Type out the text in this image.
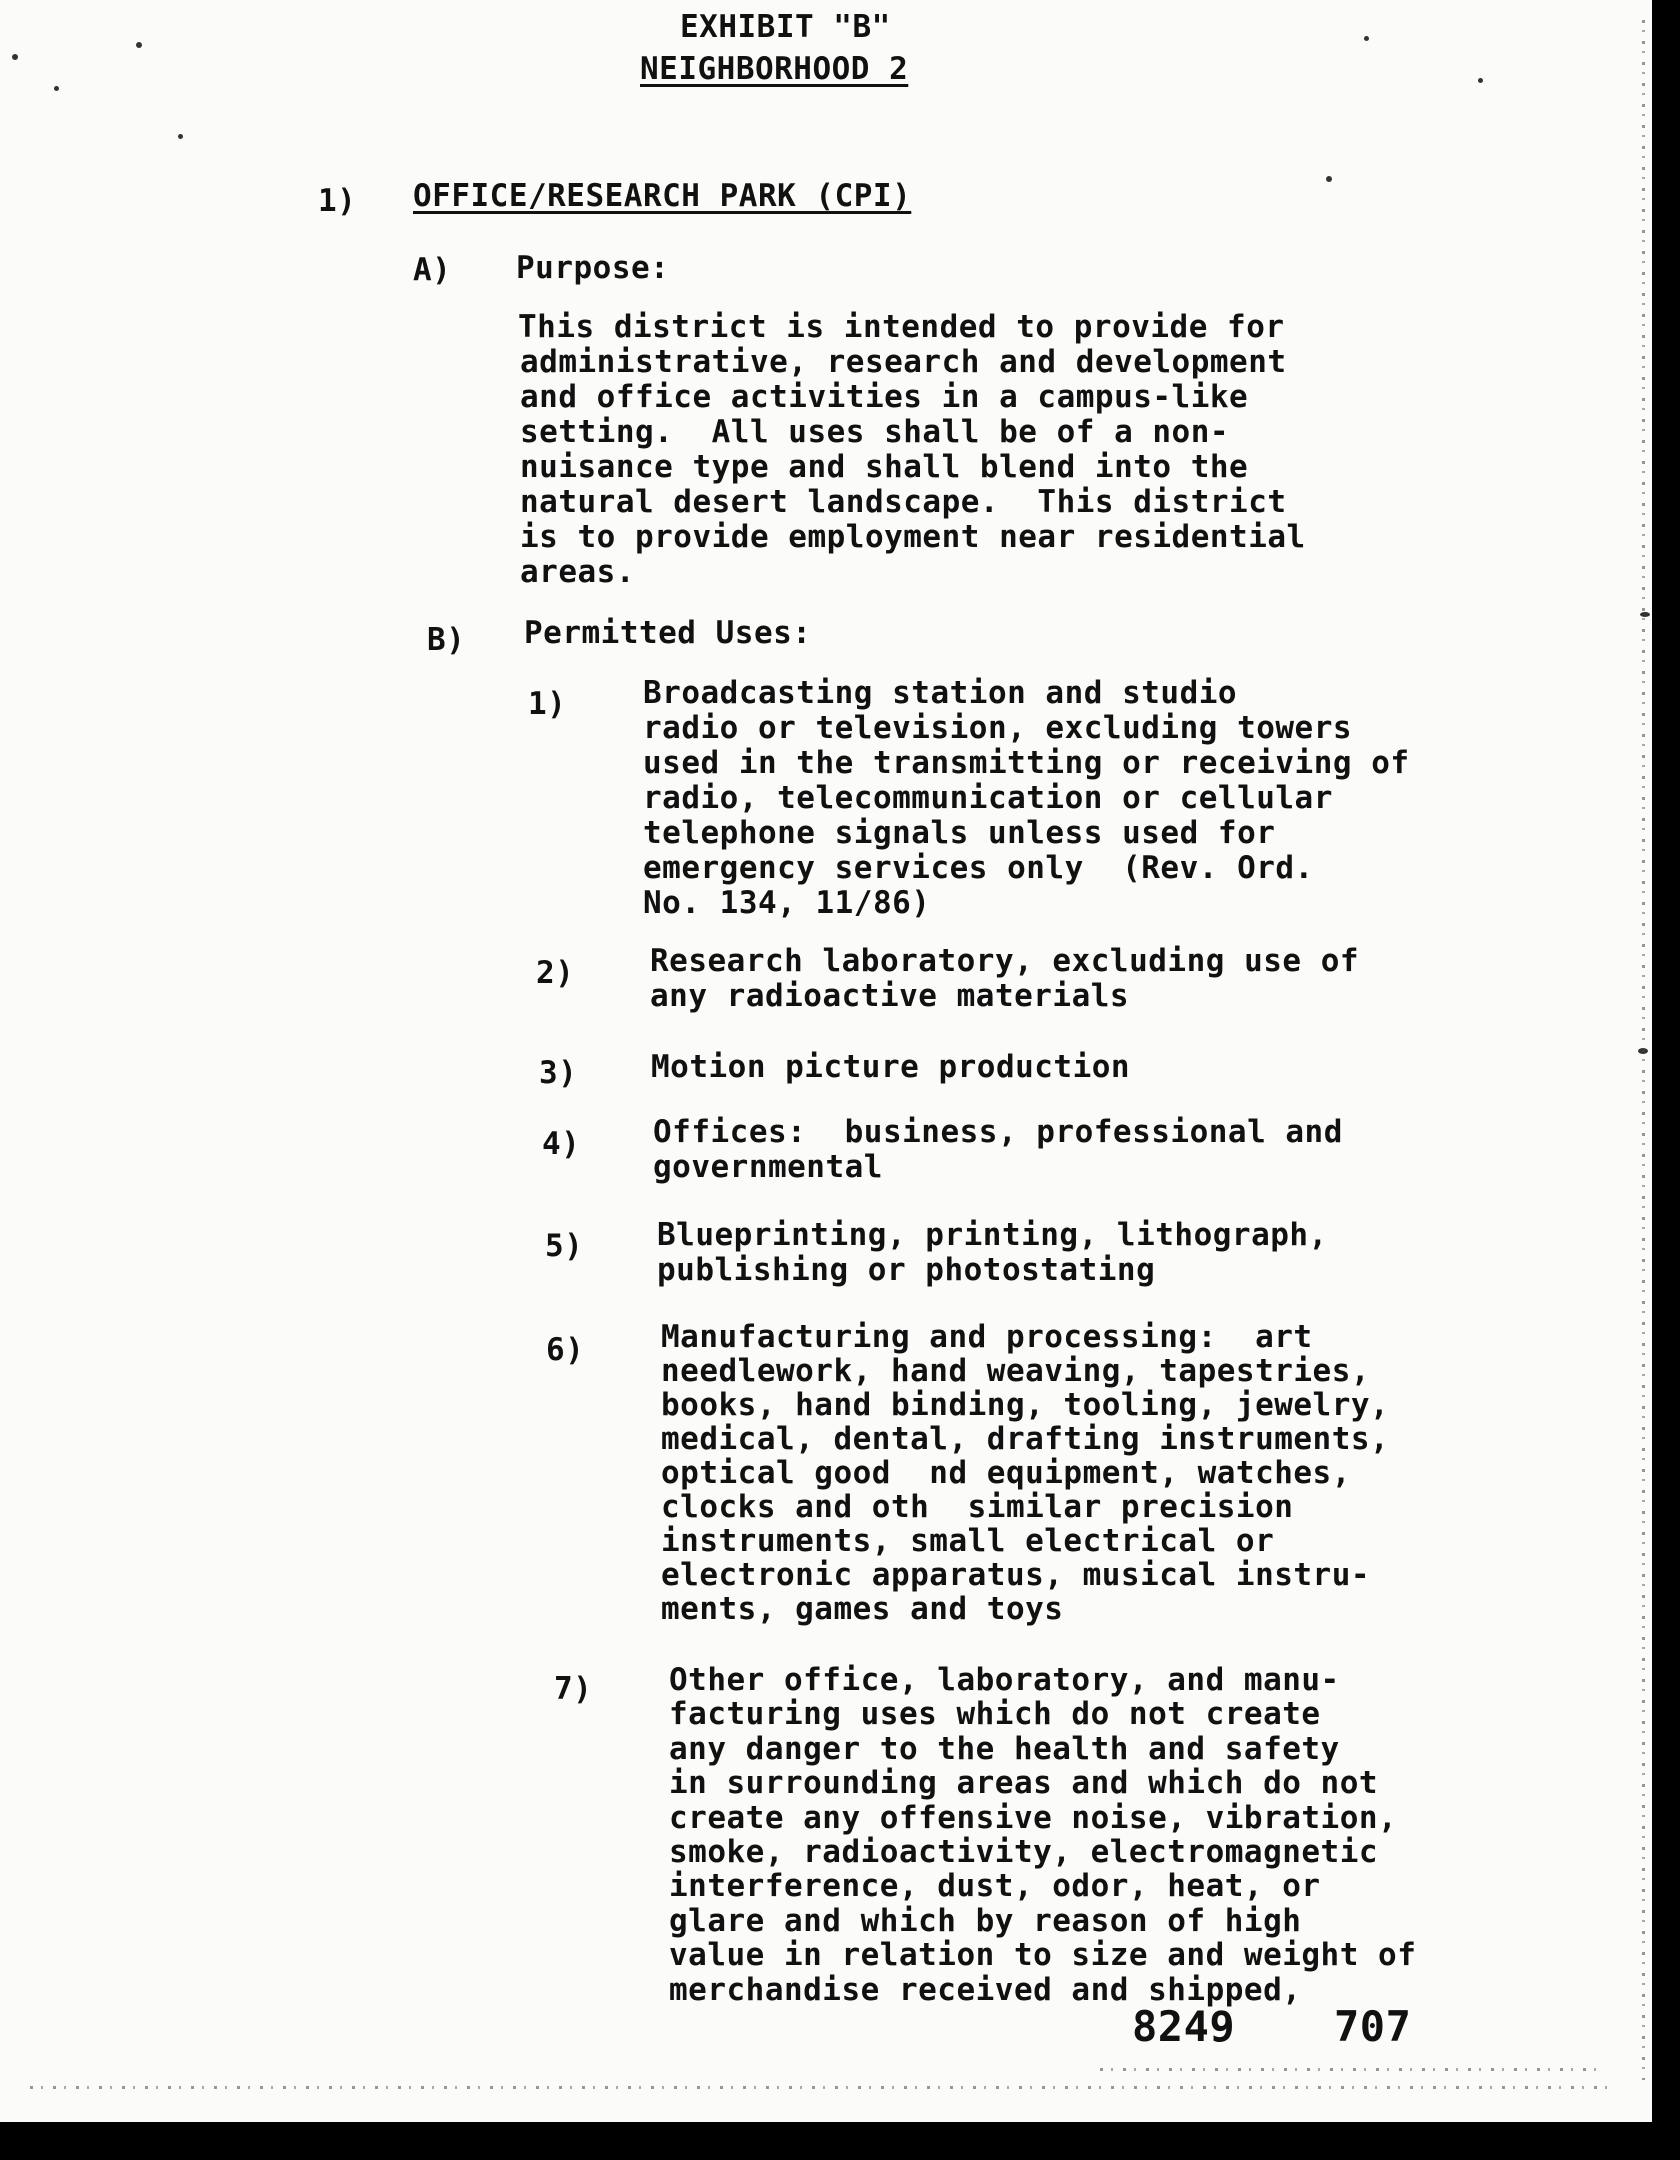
EXHIBIT "B"
NEIGHBORHOOD 2
1) OFFICE/RESEARCH PARK (CPI)
A) Purpose:
This district is intended to provide for
administrative, research and development
and office activities in a campus-like
setting.  All uses shall be of a non-
nuisance type and shall blend into the
natural desert landscape.  This district
is to provide employment near residential
areas.
B) Permitted Uses:
1) Broadcasting station and studio
radio or television, excluding towers
used in the transmitting or receiving of
radio, telecommunication or cellular
telephone signals unless used for
emergency services only  (Rev. Ord.
No. 134, 11/86)
2) Research laboratory, excluding use of
any radioactive materials
3) Motion picture production
4) Offices:  business, professional and
governmental
5) Blueprinting, printing, lithograph,
publishing or photostating
6) Manufacturing and processing:  art
needlework, hand weaving, tapestries,
books, hand binding, tooling, jewelry,
medical, dental, drafting instruments,
optical good  nd equipment, watches,
clocks and oth  similar precision
instruments, small electrical or
electronic apparatus, musical instru-
ments, games and toys
7) Other office, laboratory, and manu-
facturing uses which do not create
any danger to the health and safety
in surrounding areas and which do not
create any offensive noise, vibration,
smoke, radioactivity, electromagnetic
interference, dust, odor, heat, or
glare and which by reason of high
value in relation to size and weight of
merchandise received and shipped,
8249 707
